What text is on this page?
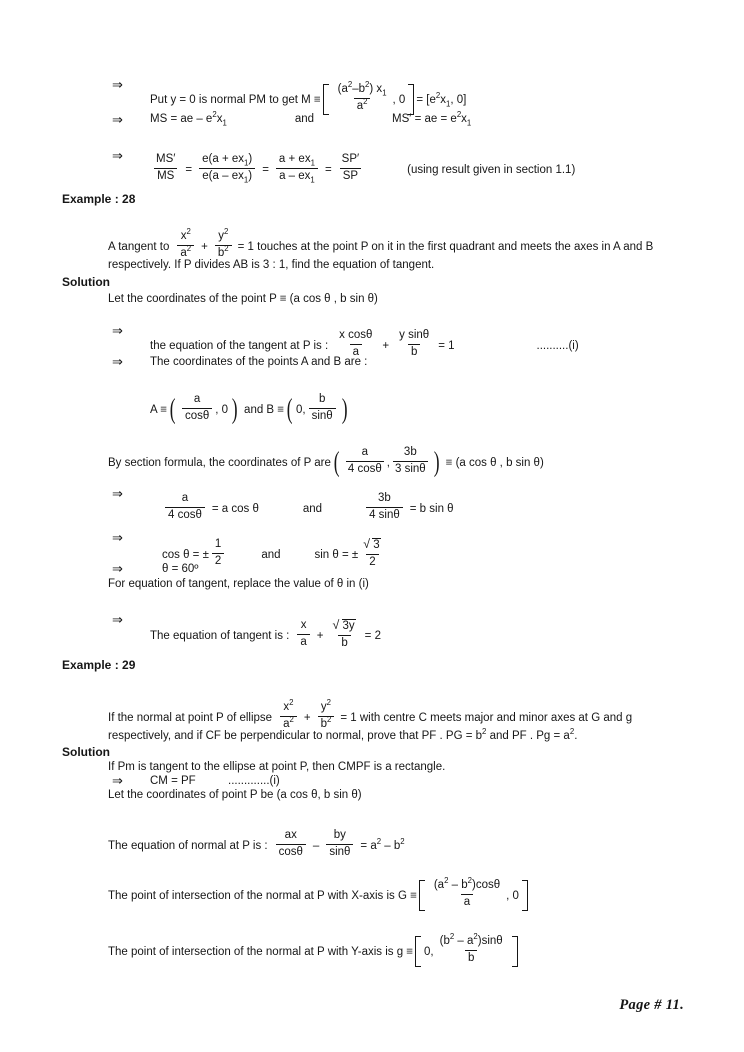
⇒
Put y = 0 is normal PM to get $M \equiv \frac{(a^2-b^2) x_1}{a^2}$ , $0 = [e^2x_1$, 0]
⇒ MS = ae – $e^2x_1$	and	MS′ = ae = $e^2x_1$
⇒	$\frac{MS'}{MS} = \frac{e(a + ex_1)}{e(a - ex_1)} = \frac{a + ex_1}{a - ex_1} = \frac{SP'}{SP}$	(using result given in section 1.1)
Example : 28
A tangent to $\frac{x^2}{a^2} + \frac{y^2}{b^2} = 1$ touches at the point P on it in the first quadrant and meets the axes in A and B
respectively. If P divides AB is 3 : 1, find the equation of tangent.
Solution
Let the coordinates of the point P ≡ (a cos θ , b sin θ)
⇒
the equation of the tangent at P is : $\frac{\text{x cosθ}}{a} + \frac{\text{y sinθ}}{b} = 1$	..........(i)
⇒ The coordinates of the points A and B are :
A ≡ ( $\frac{a}{\cos\theta}$ , 0 ) and B ≡ ( 0, $\frac{b}{\sin\theta}$ )
By section formula, the coordinates of P are ( $\frac{a}{4 \cos\theta}$ , $\frac{3b}{3 \sin\theta}$ ) ≡ (a cos θ , b sin θ)
⇒	$\frac{a}{4 \cos\theta} = a$ cos θ	and	$\frac{3b}{4 \sin\theta} = b$ sin θ
⇒
cos θ = ± $\frac{1}{2}$	and	sin θ = ± √ $\frac{3}{2}$
⇒	θ = 60º
For equation of tangent, replace the value of θ in (i)
⇒
The equation of tangent is : $\frac{x}{a}$ + √ $\frac{3y}{b} = 2$
Example : 29
If the normal at point P of ellipse $\frac{x^2}{a^2} + \frac{y^2}{b^2} = 1$ with centre C meets major and minor axes at G and g
respectively, and if CF be perpendicular to normal, prove that PF . PG = $b^2$ and PF . $Pg = a^2$.
Solution
If Pm is tangent to the ellipse at point P, then CMPF is a rectangle.
⇒ CM = PF	.............(i)
Let the coordinates of point P be (a cos θ, b sin θ)
The equation of normal at P is : $\frac{ax}{\cos\theta} - \frac{by}{\sin\theta} = a^2 - b^2$
The point of intersection of the normal at P with X-axis is $G \equiv \frac{(a^2 - b^2)\cos\theta}{a}$ , 0
The point of intersection of the normal at P with Y-axis is g ≡ 0, $\frac{(b^2 - a^2)\sin\theta}{b}$
Page # 11.
